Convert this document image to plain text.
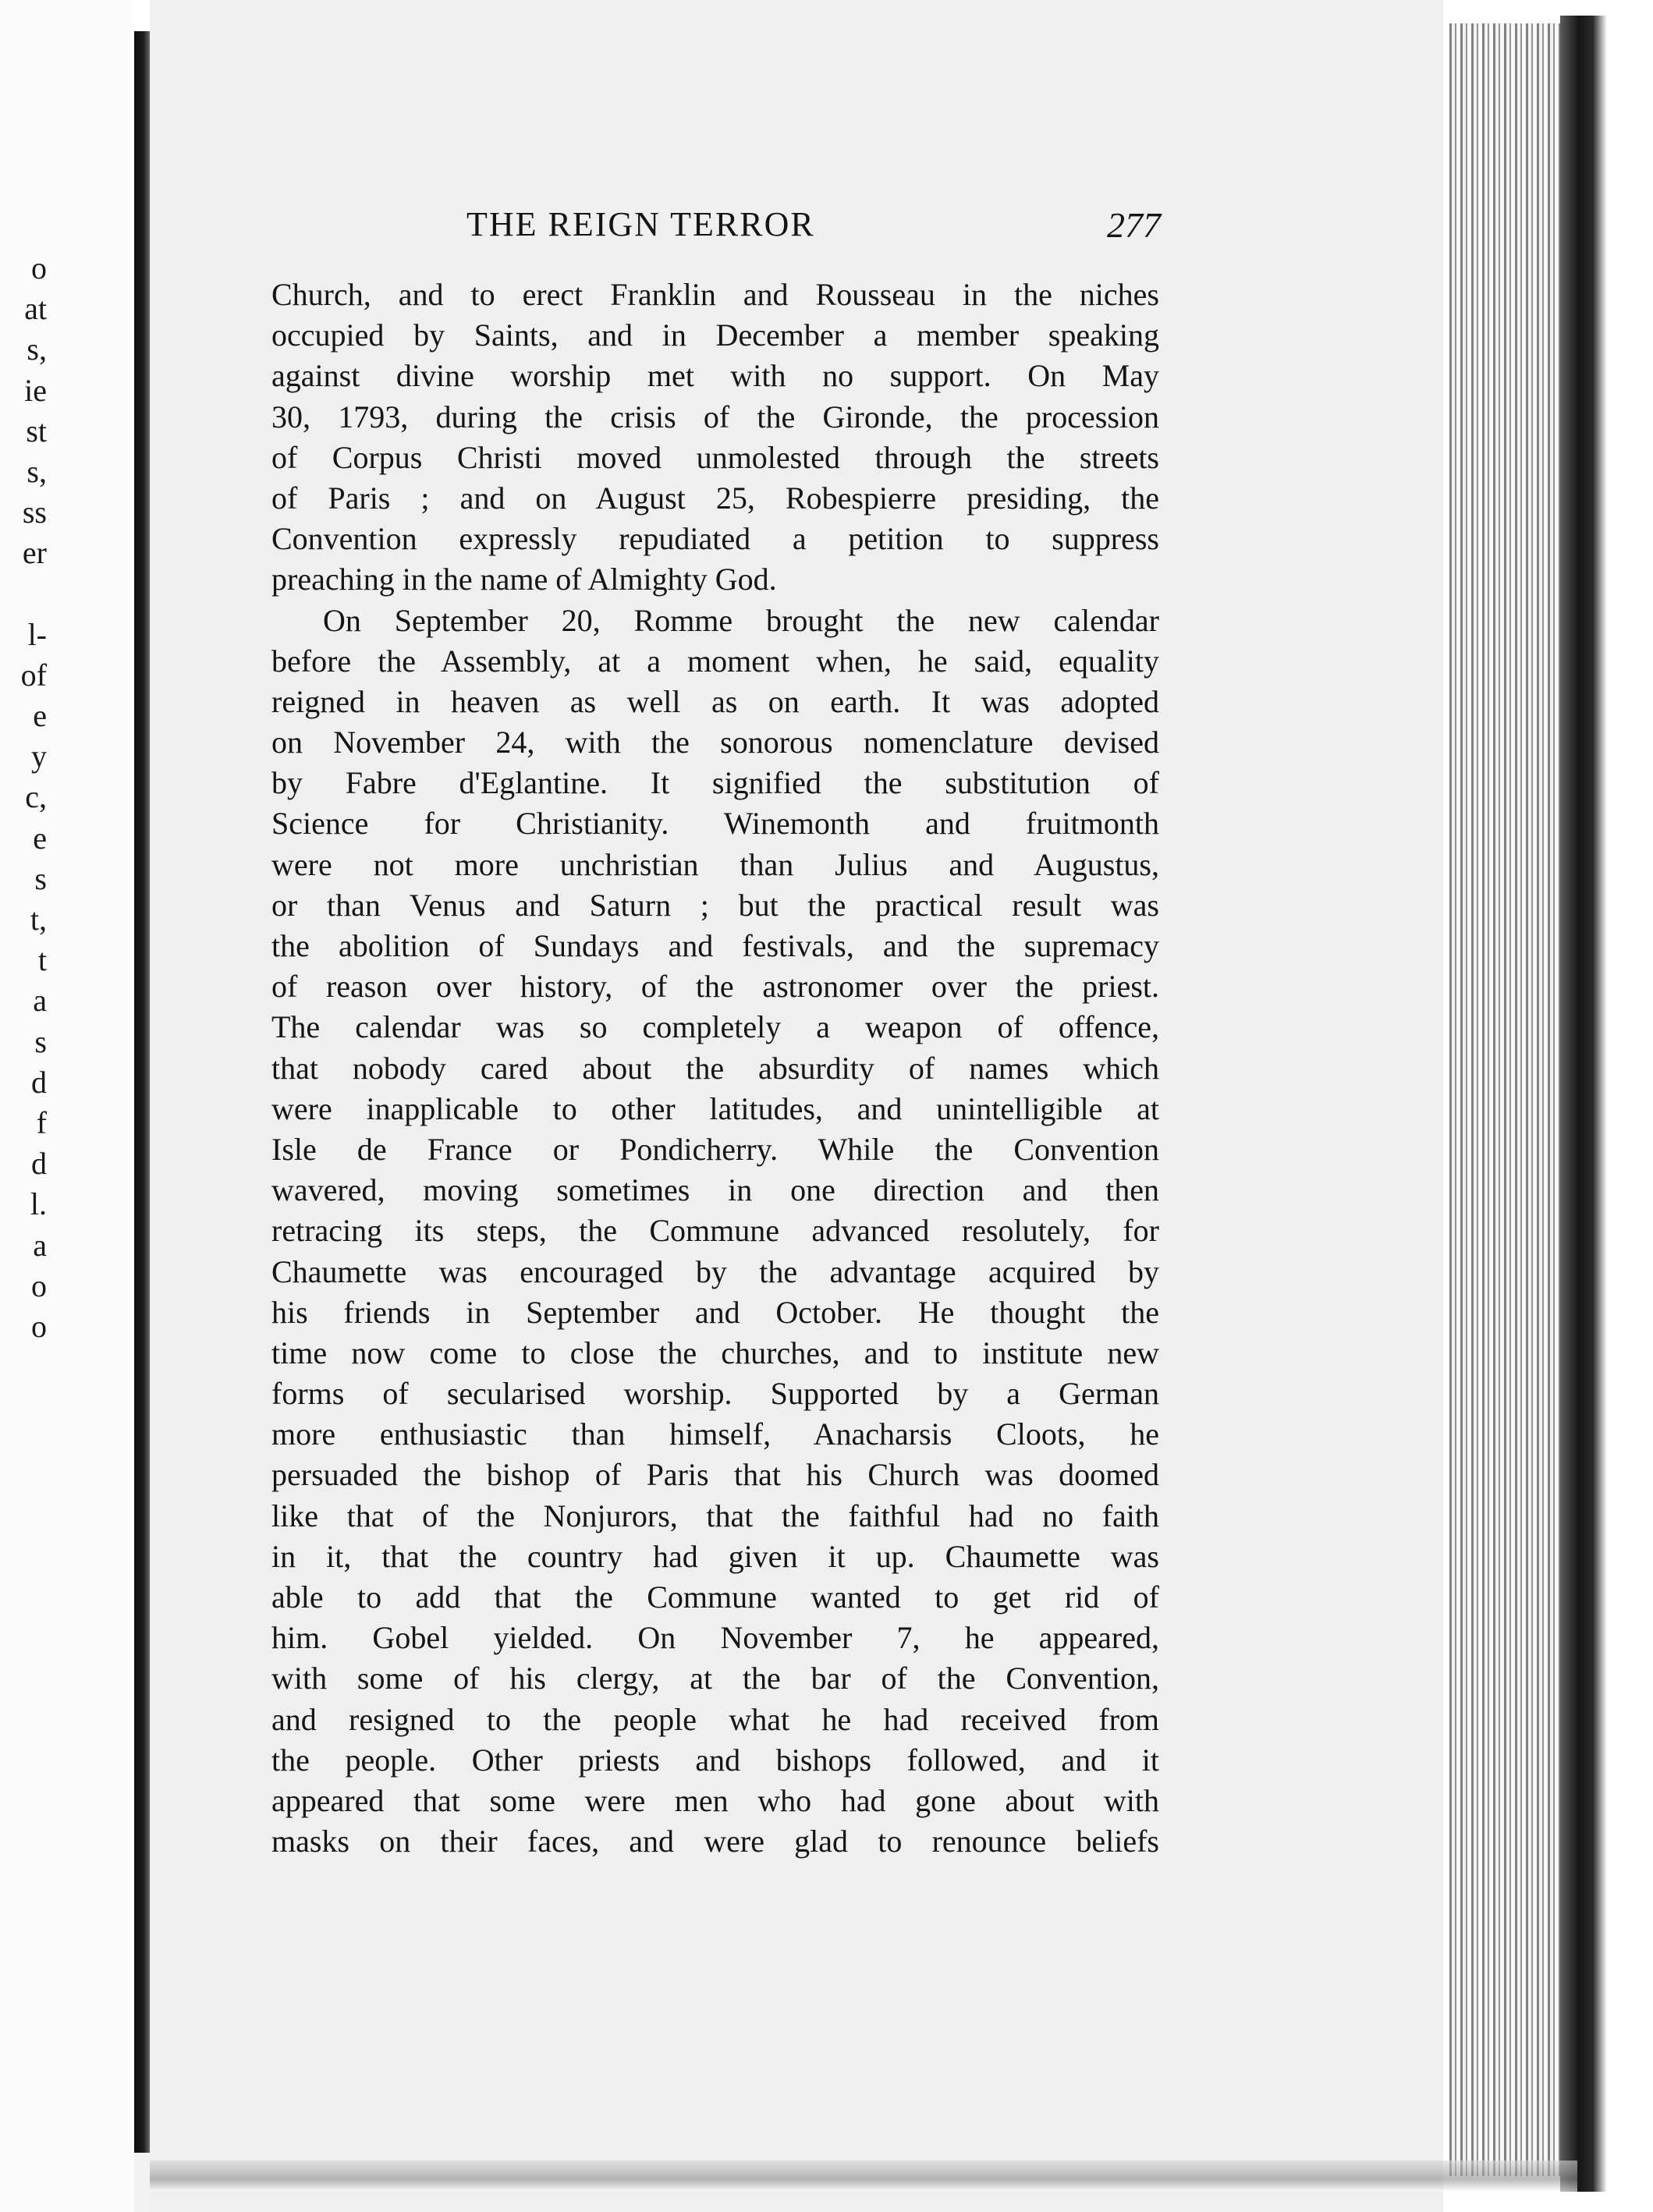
o
at
s,
ie
st
s,
ss
er
l-
of
e
y
c,
e
s
t,
t
a
s
d
f
d
l.
a
o
o
THE REIGN TERROR	277
Church, and to erect Franklin and Rousseau in the niches
occupied by Saints, and in December a member speaking
against divine worship met with no support. On May
30, 1793, during the crisis of the Gironde, the procession
of Corpus Christi moved unmolested through the streets
of Paris ; and on August 25, Robespierre presiding, the
Convention expressly repudiated a petition to suppress
preaching in the name of Almighty God.
On September 20, Romme brought the new calendar
before the Assembly, at a moment when, he said, equality
reigned in heaven as well as on earth. It was adopted
on November 24, with the sonorous nomenclature devised
by Fabre d'Eglantine. It signified the substitution of
Science for Christianity. Winemonth and fruitmonth
were not more unchristian than Julius and Augustus,
or than Venus and Saturn ; but the practical result was
the abolition of Sundays and festivals, and the supremacy
of reason over history, of the astronomer over the priest.
The calendar was so completely a weapon of offence,
that nobody cared about the absurdity of names which
were inapplicable to other latitudes, and unintelligible at
Isle de France or Pondicherry. While the Convention
wavered, moving sometimes in one direction and then
retracing its steps, the Commune advanced resolutely, for
Chaumette was encouraged by the advantage acquired by
his friends in September and October. He thought the
time now come to close the churches, and to institute new
forms of secularised worship. Supported by a German
more enthusiastic than himself, Anacharsis Cloots, he
persuaded the bishop of Paris that his Church was doomed
like that of the Nonjurors, that the faithful had no faith
in it, that the country had given it up. Chaumette was
able to add that the Commune wanted to get rid of
him. Gobel yielded. On November 7, he appeared,
with some of his clergy, at the bar of the Convention,
and resigned to the people what he had received from
the people. Other priests and bishops followed, and it
appeared that some were men who had gone about with
masks on their faces, and were glad to renounce beliefs
